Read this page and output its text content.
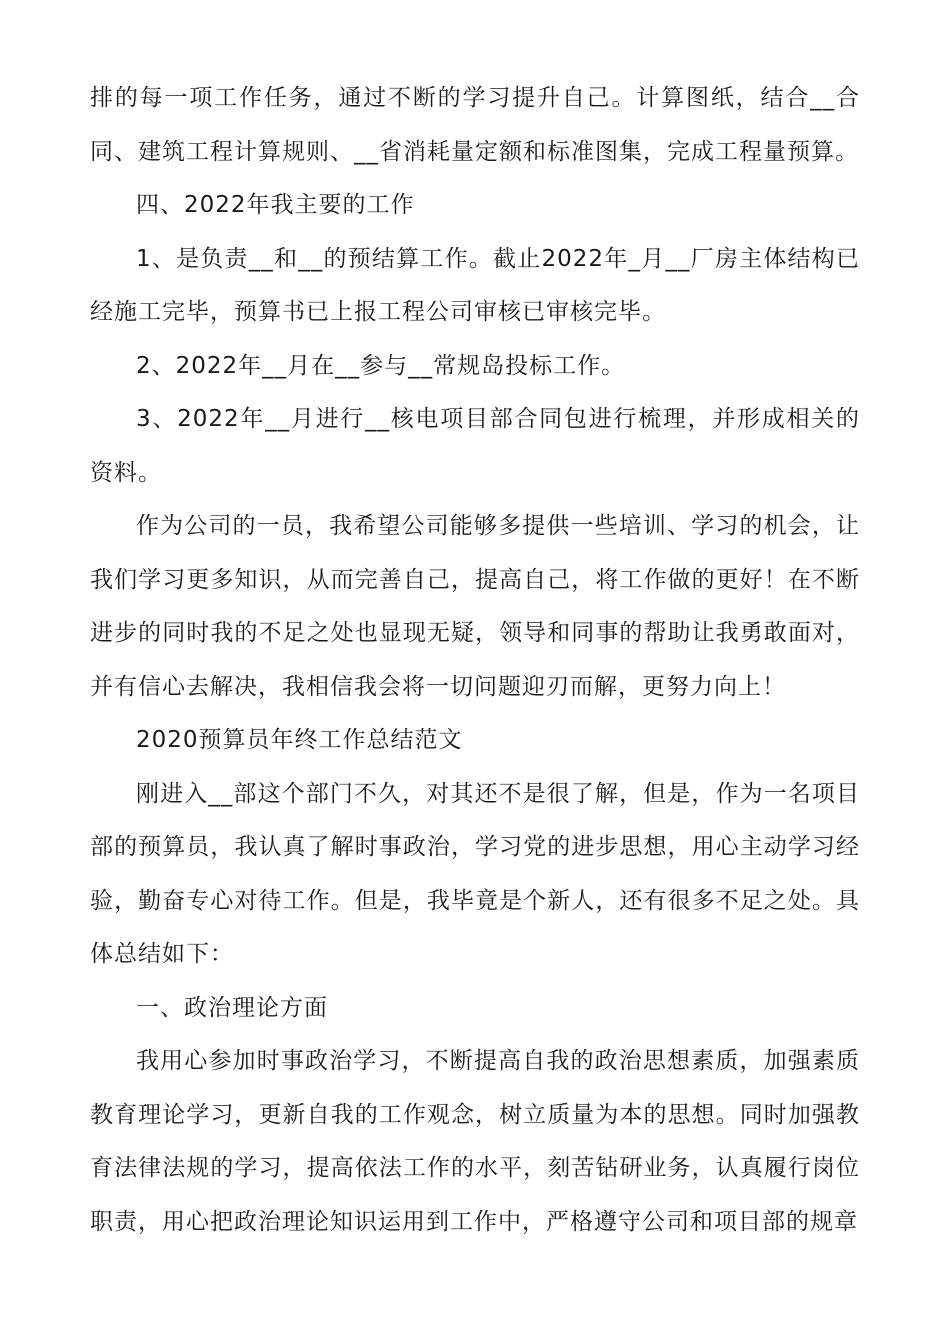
排的每一项工作任务，通过不断的学习提升自己。计算图纸，结合__合同、建筑工程计算规则、__省消耗量定额和标准图集，完成工程量预算。

四、2022年我主要的工作

1、是负责__和__的预结算工作。截止2022年_月__厂房主体结构已经施工完毕，预算书已上报工程公司审核已审核完毕。

2、2022年__月在__参与__常规岛投标工作。

3、2022年__月进行__核电项目部合同包进行梳理，并形成相关的资料。

作为公司的一员，我希望公司能够多提供一些培训、学习的机会，让我们学习更多知识，从而完善自己，提高自己，将工作做的更好！在不断进步的同时我的不足之处也显现无疑，领导和同事的帮助让我勇敢面对，并有信心去解决，我相信我会将一切问题迎刃而解，更努力向上！

2020预算员年终工作总结范文

刚进入__部这个部门不久，对其还不是很了解，但是，作为一名项目部的预算员，我认真了解时事政治，学习党的进步思想，用心主动学习经验，勤奋专心对待工作。但是，我毕竟是个新人，还有很多不足之处。具体总结如下：

一、政治理论方面

我用心参加时事政治学习，不断提高自我的政治思想素质，加强素质教育理论学习，更新自我的工作观念，树立质量为本的思想。同时加强教育法律法规的学习，提高依法工作的水平，刻苦钻研业务，认真履行岗位职责，用心把政治理论知识运用到工作中，严格遵守公司和项目部的规章
